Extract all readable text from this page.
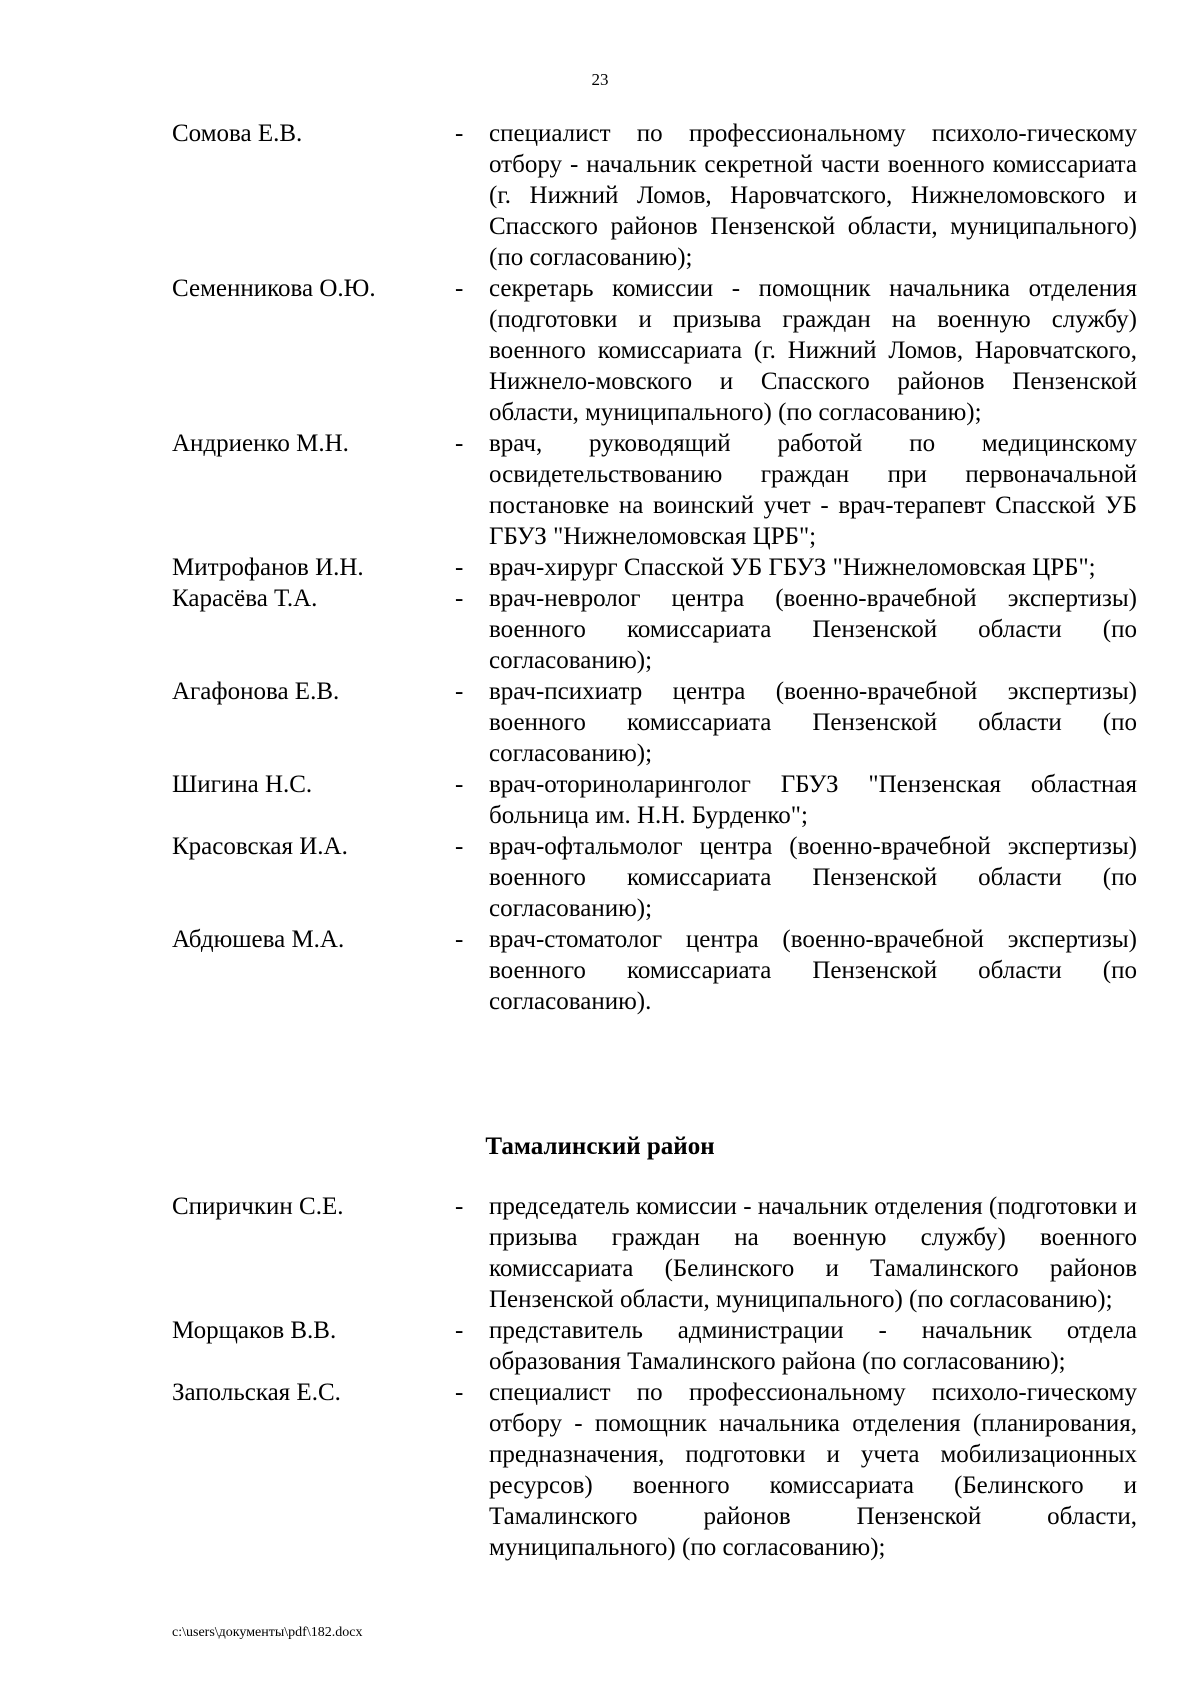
23
Сомова Е.В.	- специалист по профессиональному психоло-гическому отбору - начальник секретной части военного комиссариата (г. Нижний Ломов, Наровчатского, Нижнеломовского и Спасского районов Пензенской области, муниципального) (по согласованию);
Семенникова О.Ю.	- секретарь комиссии - помощник начальника отделения (подготовки и призыва граждан на военную службу) военного комиссариата (г. Нижний Ломов, Наровчатского, Нижнело-мовского и Спасского районов Пензенской области, муниципального) (по согласованию);
Андриенко М.Н.	- врач, руководящий работой по медицинскому освидетельствованию граждан при первоначальной постановке на воинский учет - врач-терапевт Спасской УБ ГБУЗ "Нижнеломовская ЦРБ";
Митрофанов И.Н.	- врач-хирург Спасской УБ ГБУЗ "Нижнеломовская ЦРБ";
Карасёва Т.А.	- врач-невролог центра (военно-врачебной экспертизы) военного комиссариата Пензенской области (по согласованию);
Агафонова Е.В.	- врач-психиатр центра (военно-врачебной экспертизы) военного комиссариата Пензенской области (по согласованию);
Шигина Н.С.	- врач-оториноларинголог ГБУЗ "Пензенская областная больница им. Н.Н. Бурденко";
Красовская И.А.	- врач-офтальмолог центра (военно-врачебной экспертизы) военного комиссариата Пензенской области (по согласованию);
Абдюшева М.А.	- врач-стоматолог центра (военно-врачебной экспертизы) военного комиссариата Пензенской области (по согласованию).
Тамалинский район
Спиричкин С.Е.	- председатель комиссии - начальник отделения (подготовки и призыва граждан на военную службу) военного комиссариата (Белинского и Тамалинского районов Пензенской области, муниципального) (по согласованию);
Морщаков В.В.	- представитель администрации - начальник отдела образования Тамалинского района (по согласованию);
Запольская Е.С.	- специалист по профессиональному психоло-гическому отбору - помощник начальника отделения (планирования, предназначения, подготовки и учета мобилизационных ресурсов) военного комиссариата (Белинского и Тамалинского районов Пензенской области, муниципального) (по согласованию);
c:\users\документы\pdf\182.docx
